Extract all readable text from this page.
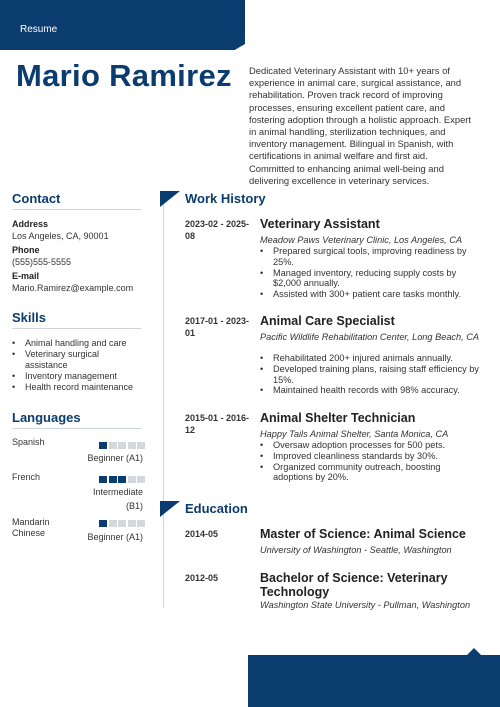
Resume
Mario Ramirez Dedicated Veterinary Assistant with 10+ years of experience in animal care, surgical assistance, and rehabilitation. Proven track record of improving processes, ensuring excellent patient care, and fostering adoption through a holistic approach. Expert in animal handling, sterilization techniques, and inventory management. Bilingual in Spanish, with certifications in animal welfare and first aid. Committed to enhancing animal well-being and delivering excellence in veterinary services.
Contact
Address
Los Angeles, CA, 90001
Phone
(555)555-5555
E-mail
Mario.Ramirez@example.com
Skills
• Animal handling and care
• Veterinary surgical assistance
• Inventory management
• Health record maintenance
Languages
Spanish
Beginner (A1)
French
Intermediate (B1)
Mandarin Chinese	Beginner (A1)
Work History
2023-02 - 2025-08
Veterinary Assistant
Meadow Paws Veterinary Clinic, Los Angeles, CA
• Prepared surgical tools, improving readiness by 25%.
• Managed inventory, reducing supply costs by $2,000 annually.
• Assisted with 300+ patient care tasks monthly.
2017-01 - 2023-01
Animal Care Specialist
Pacific Wildlife Rehabilitation Center, Long Beach, CA
• Rehabilitated 200+ injured animals annually.
• Developed training plans, raising staff efficiency by 15%.
• Maintained health records with 98% accuracy.
2015-01 - 2016-12
Animal Shelter Technician
Happy Tails Animal Shelter, Santa Monica, CA
• Oversaw adoption processes for 500 pets.
• Improved cleanliness standards by 30%.
• Organized community outreach, boosting adoptions by 20%.
Education
2014-05	Master of Science: Animal Science
University of Washington - Seattle, Washington
2012-05	Bachelor of Science: Veterinary Technology
Washington State University - Pullman, Washington
